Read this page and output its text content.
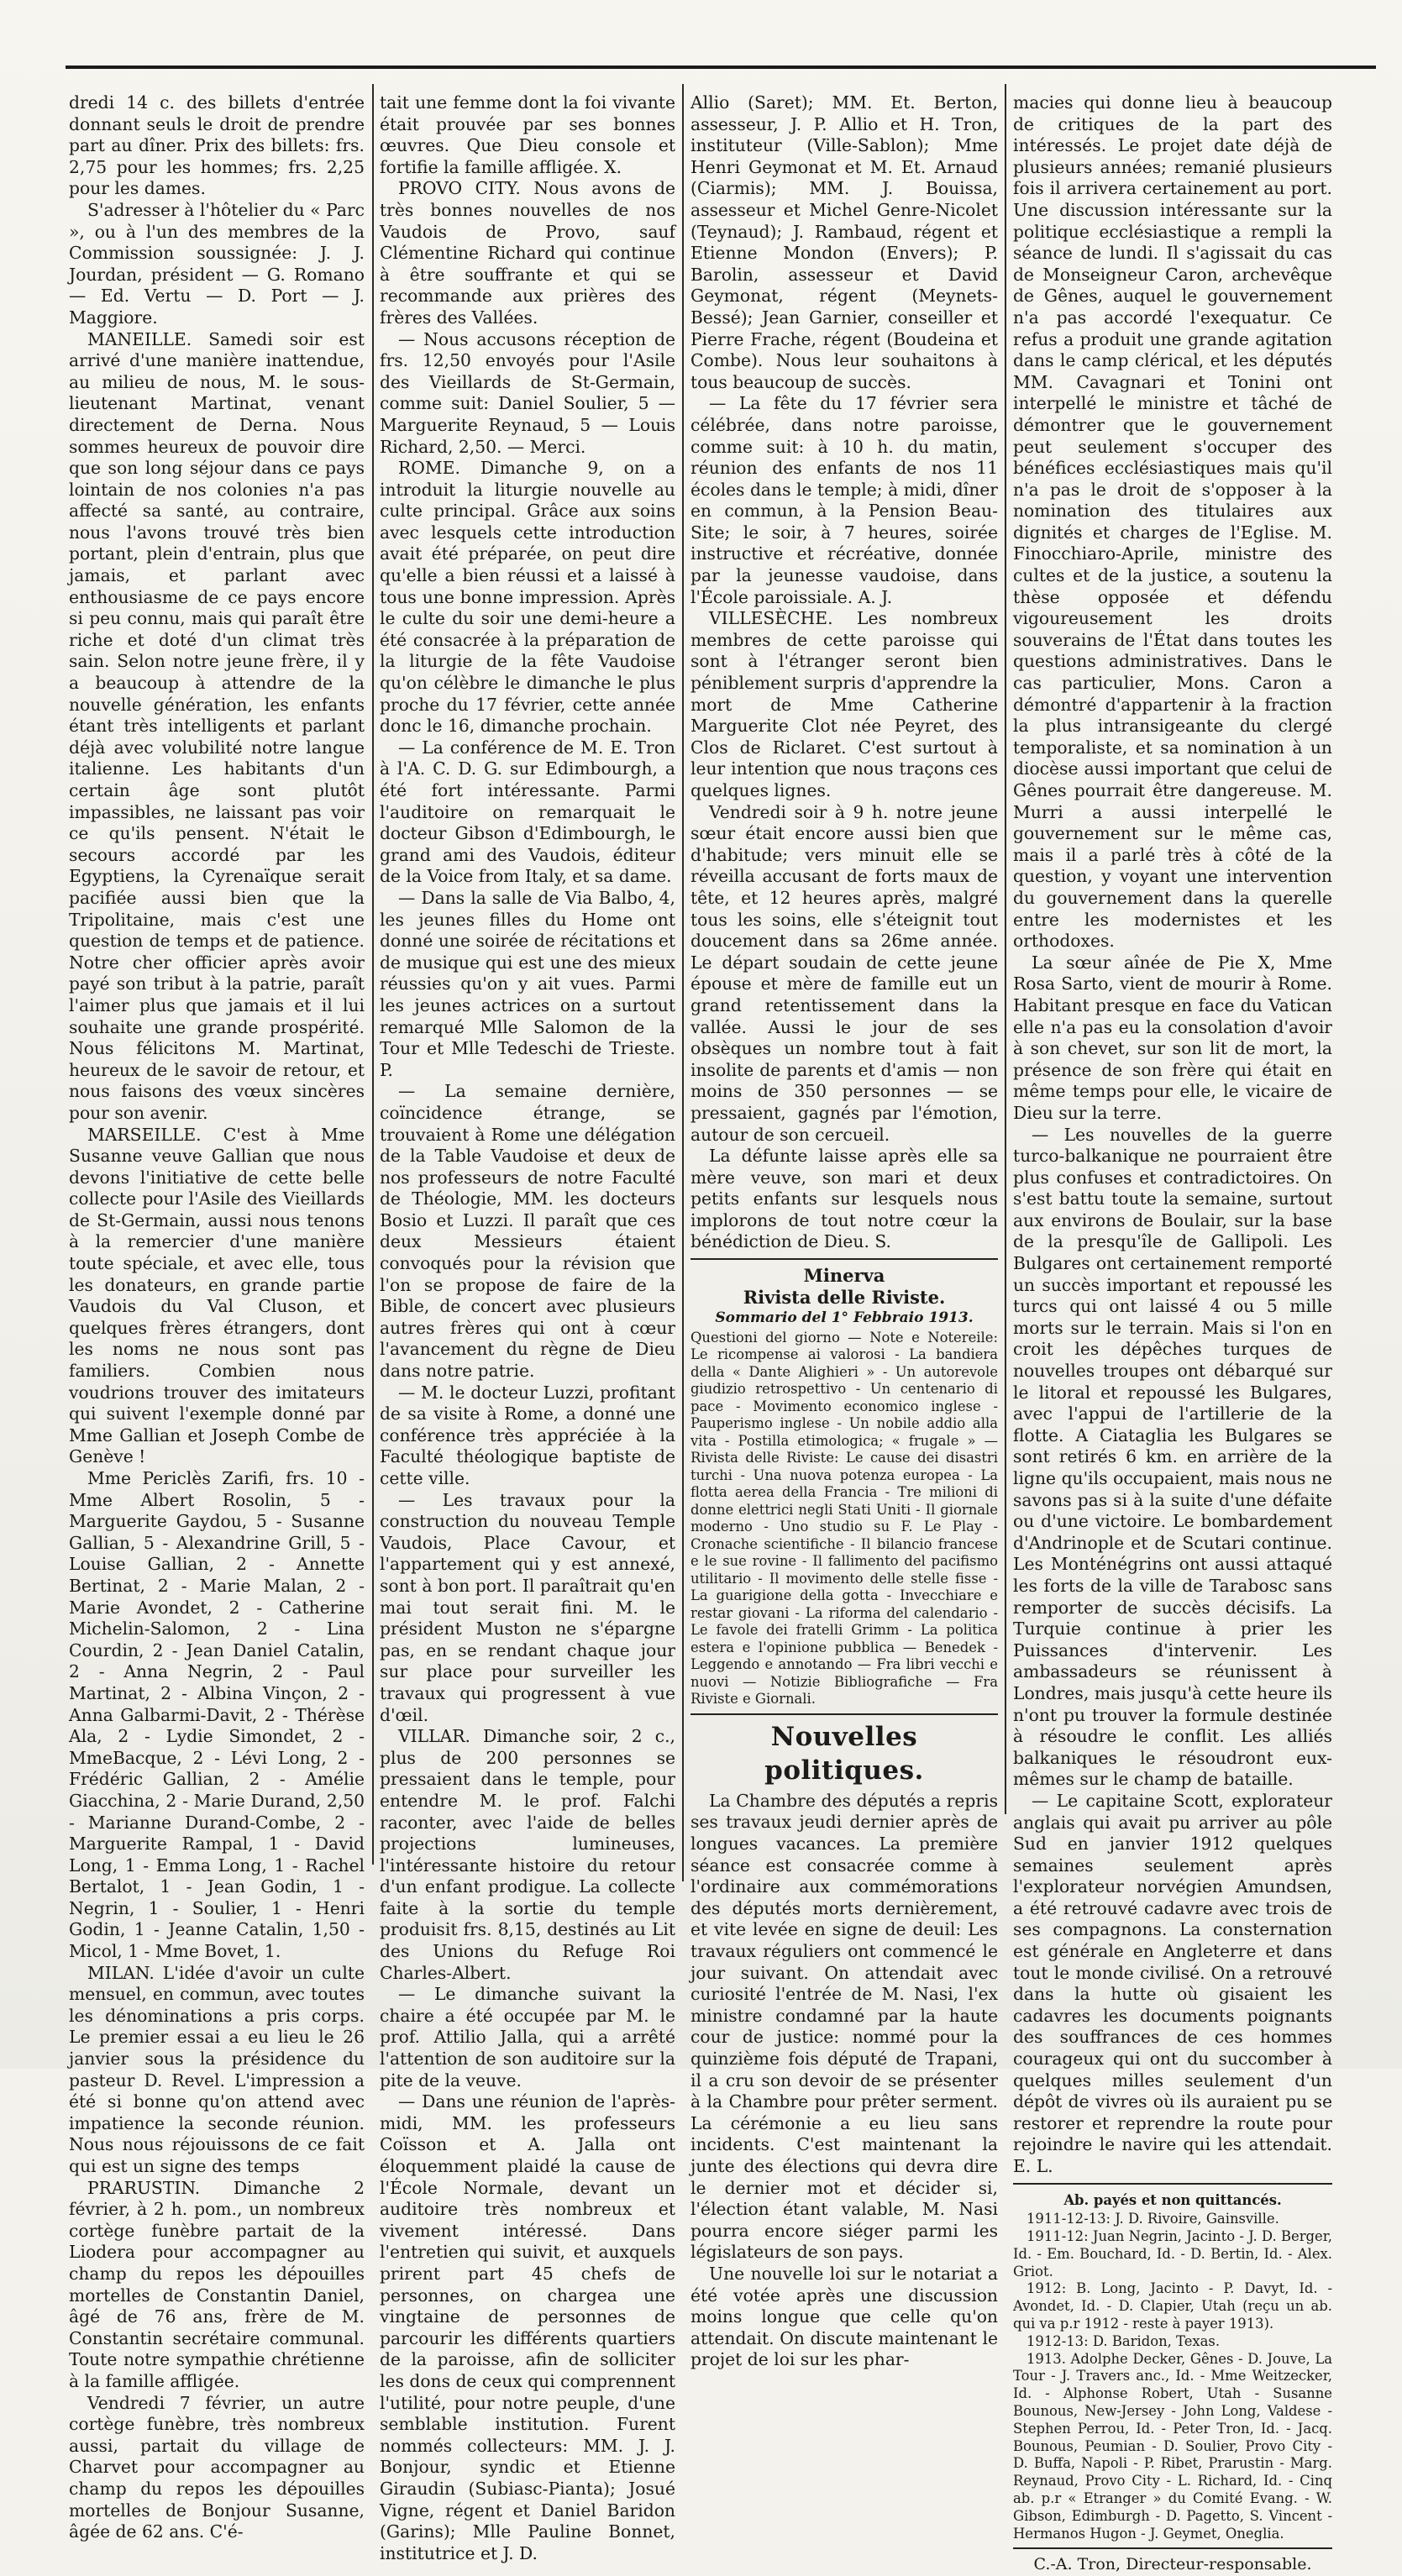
dredi 14 c. des billets d'entrée donnant seuls le droit de prendre part au dîner. Prix des billets: frs. 2,75 pour les hommes; frs. 2,25 pour les dames.

S'adresser à l'hôtelier du « Parc », ou à l'un des membres de la Commission soussignée: J. J. Jourdan, président — G. Romano — Ed. Vertu — D. Port — J. Maggiore.

MANEILLE. Samedi soir est arrivé d'une manière inattendue, au milieu de nous, M. le sous-lieutenant Martinat, venant directement de Derna. Nous sommes heureux de pouvoir dire que son long séjour dans ce pays lointain de nos colonies n'a pas affecté sa santé, au contraire, nous l'avons trouvé très bien portant, plein d'entrain, plus que jamais, et parlant avec enthousiasme de ce pays encore si peu connu, mais qui paraît être riche et doté d'un climat très sain. Selon notre jeune frère, il y a beaucoup à attendre de la nouvelle génération, les enfants étant très intelligents et parlant déjà avec volubilité notre langue italienne. Les habitants d'un certain âge sont plutôt impassibles, ne laissant pas voir ce qu'ils pensent. N'était le secours accordé par les Egyptiens, la Cyrenaïque serait pacifiée aussi bien que la Tripolitaine, mais c'est une question de temps et de patience. Notre cher officier après avoir payé son tribut à la patrie, paraît l'aimer plus que jamais et il lui souhaite une grande prospérité. Nous félicitons M. Martinat, heureux de le savoir de retour, et nous faisons des vœux sincères pour son avenir.

MARSEILLE. C'est à Mme Susanne veuve Gallian que nous devons l'initiative de cette belle collecte pour l'Asile des Vieillards de St-Germain, aussi nous tenons à la remercier d'une manière toute spéciale, et avec elle, tous les donateurs, en grande partie Vaudois du Val Cluson, et quelques frères étrangers, dont les noms ne nous sont pas familiers. Combien nous voudrions trouver des imitateurs qui suivent l'exemple donné par Mme Gallian et Joseph Combe de Genève !

Mme Periclès Zarifi, frs. 10 - Mme Albert Rosolin, 5 - Marguerite Gaydou, 5 - Susanne Gallian, 5 - Alexandrine Grill, 5 - Louise Gallian, 2 - Annette Bertinat, 2 - Marie Malan, 2 - Marie Avondet, 2 - Catherine Michelin-Salomon, 2 - Lina Courdin, 2 - Jean Daniel Catalin, 2 - Anna Negrin, 2 - Paul Martinat, 2 - Albina Vinçon, 2 - Anna Galbarmi-Davit, 2 - Thérèse Ala, 2 - Lydie Simondet, 2 - MmeBacque, 2 - Lévi Long, 2 - Frédéric Gallian, 2 - Amélie Giacchina, 2 - Marie Durand, 2,50 - Marianne Durand-Combe, 2 - Marguerite Rampal, 1 - David Long, 1 - Emma Long, 1 - Rachel Bertalot, 1 - Jean Godin, 1 - Negrin, 1 - Soulier, 1 - Henri Godin, 1 - Jeanne Catalin, 1,50 - Micol, 1 - Mme Bovet, 1.

MILAN. L'idée d'avoir un culte mensuel, en commun, avec toutes les dénominations a pris corps. Le premier essai a eu lieu le 26 janvier sous la présidence du pasteur D. Revel. L'impression a été si bonne qu'on attend avec impatience la seconde réunion. Nous nous réjouissons de ce fait qui est un signe des temps

PRARUSTIN. Dimanche 2 février, à 2 h. pom., un nombreux cortège funèbre partait de la Liodera pour accompagner au champ du repos les dépouilles mortelles de Constantin Daniel, âgé de 76 ans, frère de M. Constantin secrétaire communal. Toute notre sympathie chrétienne à la famille affligée.

Vendredi 7 février, un autre cortège funèbre, très nombreux aussi, partait du village de Charvet pour accompagner au champ du repos les dépouilles mortelles de Bonjour Susanne, âgée de 62 ans. C'é-

tait une femme dont la foi vivante était prouvée par ses bonnes œuvres. Que Dieu console et fortifie la famille affligée. X.

PROVO CITY. Nous avons de très bonnes nouvelles de nos Vaudois de Provo, sauf Clémentine Richard qui continue à être souffrante et qui se recommande aux prières des frères des Vallées.

— Nous accusons réception de frs. 12,50 envoyés pour l'Asile des Vieillards de St-Germain, comme suit: Daniel Soulier, 5 — Marguerite Reynaud, 5 — Louis Richard, 2,50. — Merci.

ROME. Dimanche 9, on a introduit la liturgie nouvelle au culte principal. Grâce aux soins avec lesquels cette introduction avait été préparée, on peut dire qu'elle a bien réussi et a laissé à tous une bonne impression. Après le culte du soir une demi-heure a été consacrée à la préparation de la liturgie de la fête Vaudoise qu'on célèbre le dimanche le plus proche du 17 février, cette année donc le 16, dimanche prochain.

— La conférence de M. E. Tron à l'A. C. D. G. sur Edimbourgh, a été fort intéressante. Parmi l'auditoire on remarquait le docteur Gibson d'Edimbourgh, le grand ami des Vaudois, éditeur de la Voice from Italy, et sa dame.

— Dans la salle de Via Balbo, 4, les jeunes filles du Home ont donné une soirée de récitations et de musique qui est une des mieux réussies qu'on y ait vues. Parmi les jeunes actrices on a surtout remarqué Mlle Salomon de la Tour et Mlle Tedeschi de Trieste. P.

— La semaine dernière, coïncidence étrange, se trouvaient à Rome une délégation de la Table Vaudoise et deux de nos professeurs de notre Faculté de Théologie, MM. les docteurs Bosio et Luzzi. Il paraît que ces deux Messieurs étaient convoqués pour la révision que l'on se propose de faire de la Bible, de concert avec plusieurs autres frères qui ont à cœur l'avancement du règne de Dieu dans notre patrie.

— M. le docteur Luzzi, profitant de sa visite à Rome, a donné une conférence très appréciée à la Faculté théologique baptiste de cette ville.

— Les travaux pour la construction du nouveau Temple Vaudois, Place Cavour, et l'appartement qui y est annexé, sont à bon port. Il paraîtrait qu'en mai tout serait fini. M. le président Muston ne s'épargne pas, en se rendant chaque jour sur place pour surveiller les travaux qui progressent à vue d'œil.

VILLAR. Dimanche soir, 2 c., plus de 200 personnes se pressaient dans le temple, pour entendre M. le prof. Falchi raconter, avec l'aide de belles projections lumineuses, l'intéressante histoire du retour d'un enfant prodigue. La collecte faite à la sortie du temple produisit frs. 8,15, destinés au Lit des Unions du Refuge Roi Charles-Albert.

— Le dimanche suivant la chaire a été occupée par M. le prof. Attilio Jalla, qui a arrêté l'attention de son auditoire sur la pite de la veuve.

— Dans une réunion de l'après-midi, MM. les professeurs Coïsson et A. Jalla ont éloquemment plaidé la cause de l'École Normale, devant un auditoire très nombreux et vivement intéressé. Dans l'entretien qui suivit, et auxquels prirent part 45 chefs de personnes, on chargea une vingtaine de personnes de parcourir les différents quartiers de la paroisse, afin de solliciter les dons de ceux qui comprennent l'utilité, pour notre peuple, d'une semblable institution. Furent nommés collecteurs: MM. J. J. Bonjour, syndic et Etienne Giraudin (Subiasc-Pianta); Josué Vigne, régent et Daniel Baridon (Garins); Mlle Pauline Bonnet, institutrice et J. D.

Allio (Saret); MM. Et. Berton, assesseur, J. P. Allio et H. Tron, instituteur (Ville-Sablon); Mme Henri Geymonat et M. Et. Arnaud (Ciarmis); MM. J. Bouissa, assesseur et Michel Genre-Nicolet (Teynaud); J. Rambaud, régent et Etienne Mondon (Envers); P. Barolin, assesseur et David Geymonat, régent (Meynets-Bessé); Jean Garnier, conseiller et Pierre Frache, régent (Boudeina et Combe). Nous leur souhaitons à tous beaucoup de succès.

— La fête du 17 février sera célébrée, dans notre paroisse, comme suit: à 10 h. du matin, réunion des enfants de nos 11 écoles dans le temple; à midi, dîner en commun, à la Pension Beau-Site; le soir, à 7 heures, soirée instructive et récréative, donnée par la jeunesse vaudoise, dans l'École paroissiale. A. J.

VILLESÈCHE. Les nombreux membres de cette paroisse qui sont à l'étranger seront bien péniblement surpris d'apprendre la mort de Mme Catherine Marguerite Clot née Peyret, des Clos de Riclaret. C'est surtout à leur intention que nous traçons ces quelques lignes.

Vendredi soir à 9 h. notre jeune sœur était encore aussi bien que d'habitude; vers minuit elle se réveilla accusant de forts maux de tête, et 12 heures après, malgré tous les soins, elle s'éteignit tout doucement dans sa 26me année. Le départ soudain de cette jeune épouse et mère de famille eut un grand retentissement dans la vallée. Aussi le jour de ses obsèques un nombre tout à fait insolite de parents et d'amis — non moins de 350 personnes — se pressaient, gagnés par l'émotion, autour de son cercueil.

La défunte laisse après elle sa mère veuve, son mari et deux petits enfants sur lesquels nous implorons de tout notre cœur la bénédiction de Dieu. S.

Minerva

Rivista delle Riviste.

Sommario del 1° Febbraio 1913.

Questioni del giorno — Note e Notereile: Le ricompense ai valorosi - La bandiera della « Dante Alighieri » - Un autorevole giudizio retrospettivo - Un centenario di pace - Movimento economico inglese - Pauperismo inglese - Un nobile addio alla vita - Postilla etimologica; « frugale » — Rivista delle Riviste: Le cause dei disastri turchi - Una nuova potenza europea - La flotta aerea della Francia - Tre milioni di donne elettrici negli Stati Uniti - Il giornale moderno - Uno studio su F. Le Play - Cronache scientifiche - Il bilancio francese e le sue rovine - Il fallimento del pacifismo utilitario - Il movimento delle stelle fisse - La guarigione della gotta - Invecchiare e restar giovani - La riforma del calendario - Le favole dei fratelli Grimm - La politica estera e l'opinione pubblica — Benedek - Leggendo e annotando — Fra libri vecchi e nuovi — Notizie Bibliografiche — Fra Riviste e Giornali.

Nouvelles politiques.

La Chambre des députés a repris ses travaux jeudi dernier après de longues vacances. La première séance est consacrée comme à l'ordinaire aux commémorations des députés morts dernièrement, et vite levée en signe de deuil: Les travaux réguliers ont commencé le jour suivant. On attendait avec curiosité l'entrée de M. Nasi, l'ex ministre condamné par la haute cour de justice: nommé pour la quinzième fois député de Trapani, il a cru son devoir de se présenter à la Chambre pour prêter serment. La cérémonie a eu lieu sans incidents. C'est maintenant la junte des élections qui devra dire le dernier mot et décider si, l'élection étant valable, M. Nasi pourra encore siéger parmi les législateurs de son pays.

Une nouvelle loi sur le notariat a été votée après une discussion moins longue que celle qu'on attendait. On discute maintenant le projet de loi sur les phar-

macies qui donne lieu à beaucoup de critiques de la part des intéressés. Le projet date déjà de plusieurs années; remanié plusieurs fois il arrivera certainement au port. Une discussion intéressante sur la politique ecclésiastique a rempli la séance de lundi. Il s'agissait du cas de Monseigneur Caron, archevêque de Gênes, auquel le gouvernement n'a pas accordé l'exequatur. Ce refus a produit une grande agitation dans le camp clérical, et les députés MM. Cavagnari et Tonini ont interpellé le ministre et tâché de démontrer que le gouvernement peut seulement s'occuper des bénéfices ecclésiastiques mais qu'il n'a pas le droit de s'opposer à la nomination des titulaires aux dignités et charges de l'Eglise. M. Finocchiaro-Aprile, ministre des cultes et de la justice, a soutenu la thèse opposée et défendu vigoureusement les droits souverains de l'État dans toutes les questions administratives. Dans le cas particulier, Mons. Caron a démontré d'appartenir à la fraction la plus intransigeante du clergé temporaliste, et sa nomination à un diocèse aussi important que celui de Gênes pourrait être dangereuse. M. Murri a aussi interpellé le gouvernement sur le même cas, mais il a parlé très à côté de la question, y voyant une intervention du gouvernement dans la querelle entre les modernistes et les orthodoxes.

La sœur aînée de Pie X, Mme Rosa Sarto, vient de mourir à Rome. Habitant presque en face du Vatican elle n'a pas eu la consolation d'avoir à son chevet, sur son lit de mort, la présence de son frère qui était en même temps pour elle, le vicaire de Dieu sur la terre.

— Les nouvelles de la guerre turco-balkanique ne pourraient être plus confuses et contradictoires. On s'est battu toute la semaine, surtout aux environs de Boulair, sur la base de la presqu'île de Gallipoli. Les Bulgares ont certainement remporté un succès important et repoussé les turcs qui ont laissé 4 ou 5 mille morts sur le terrain. Mais si l'on en croit les dépêches turques de nouvelles troupes ont débarqué sur le litoral et repoussé les Bulgares, avec l'appui de l'artillerie de la flotte. A Ciataglia les Bulgares se sont retirés 6 km. en arrière de la ligne qu'ils occupaient, mais nous ne savons pas si à la suite d'une défaite ou d'une victoire. Le bombardement d'Andrinople et de Scutari continue. Les Monténégrins ont aussi attaqué les forts de la ville de Tarabosc sans remporter de succès décisifs. La Turquie continue à prier les Puissances d'intervenir. Les ambassadeurs se réunissent à Londres, mais jusqu'à cette heure ils n'ont pu trouver la formule destinée à résoudre le conflit. Les alliés balkaniques le résoudront eux-mêmes sur le champ de bataille.

— Le capitaine Scott, explorateur anglais qui avait pu arriver au pôle Sud en janvier 1912 quelques semaines seulement après l'explorateur norvégien Amundsen, a été retrouvé cadavre avec trois de ses compagnons. La consternation est générale en Angleterre et dans tout le monde civilisé. On a retrouvé dans la hutte où gisaient les cadavres les documents poignants des souffrances de ces hommes courageux qui ont du succomber à quelques milles seulement d'un dépôt de vivres où ils auraient pu se restorer et reprendre la route pour rejoindre le navire qui les attendait. E. L.

Ab. payés et non quittancés.

1911-12-13: J. D. Rivoire, Gainsville.

1911-12: Juan Negrin, Jacinto - J. D. Berger, Id. - Em. Bouchard, Id. - D. Bertin, Id. - Alex. Griot.

1912: B. Long, Jacinto - P. Davyt, Id. - Avondet, Id. - D. Clapier, Utah (reçu un ab. qui va p.r 1912 - reste à payer 1913).

1912-13: D. Baridon, Texas.

1913. Adolphe Decker, Gênes - D. Jouve, La Tour - J. Travers anc., Id. - Mme Weitzecker, Id. - Alphonse Robert, Utah - Susanne Bounous, New-Jersey - John Long, Valdese - Stephen Perrou, Id. - Peter Tron, Id. - Jacq. Bounous, Peumian - D. Soulier, Provo City - D. Buffa, Napoli - P. Ribet, Prarustin - Marg. Reynaud, Provo City - L. Richard, Id. - Cinq ab. p.r « Etranger » du Comité Evang. - W. Gibson, Edimburgh - D. Pagetto, S. Vincent - Hermanos Hugon - J. Geymet, Oneglia.

C.-A. Tron, Directeur-responsable.
